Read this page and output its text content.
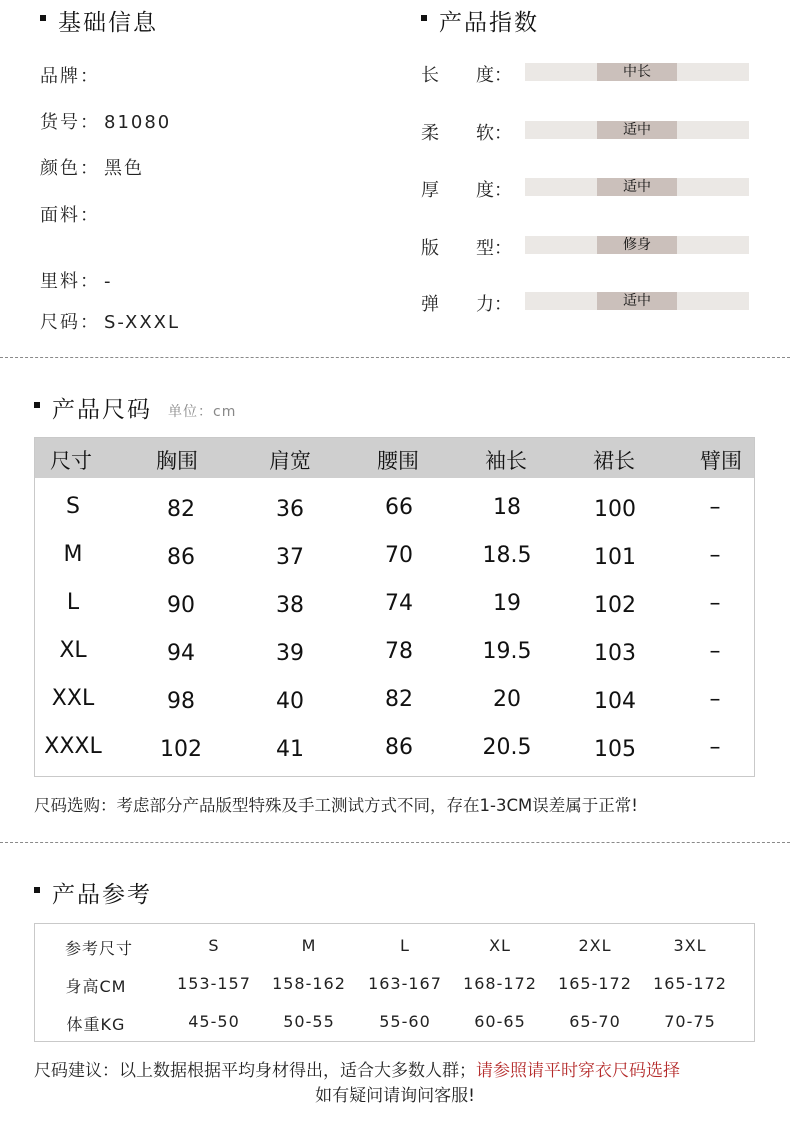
基础信息
品牌：
货号： 81080
颜色： 黑色
面料：
里料： -
尺码： S-XXXL
产品指数
长 度：	中长
柔 软：	适中
厚 度：	适中
版 型：	修身
弹 力：	适中
产品尺码 单位：cm
尺寸	胸围	肩宽	腰围	袖长	裙长	臂围
S	82	36	66	18	100	–
M	86	37	70	18.5	101	–
L	90	38	74	19	102	–
XL	94	39	78	19.5	103	–
XXL	98	40	82	20	104	–
XXXL	102	41	86	20.5	105	–
尺码选购：考虑部分产品版型特殊及手工测试方式不同，存在1-3CM误差属于正常!
产品参考
参考尺寸	S	M	L	XL	2XL	3XL
身高CM	153-157	158-162	163-167	168-172	165-172	165-172
体重KG	45-50	50-55	55-60	60-65	65-70	70-75
尺码建议：以上数据根据平均身材得出，适合大多数人群；请参照请平时穿衣尺码选择
如有疑问请询问客服!
